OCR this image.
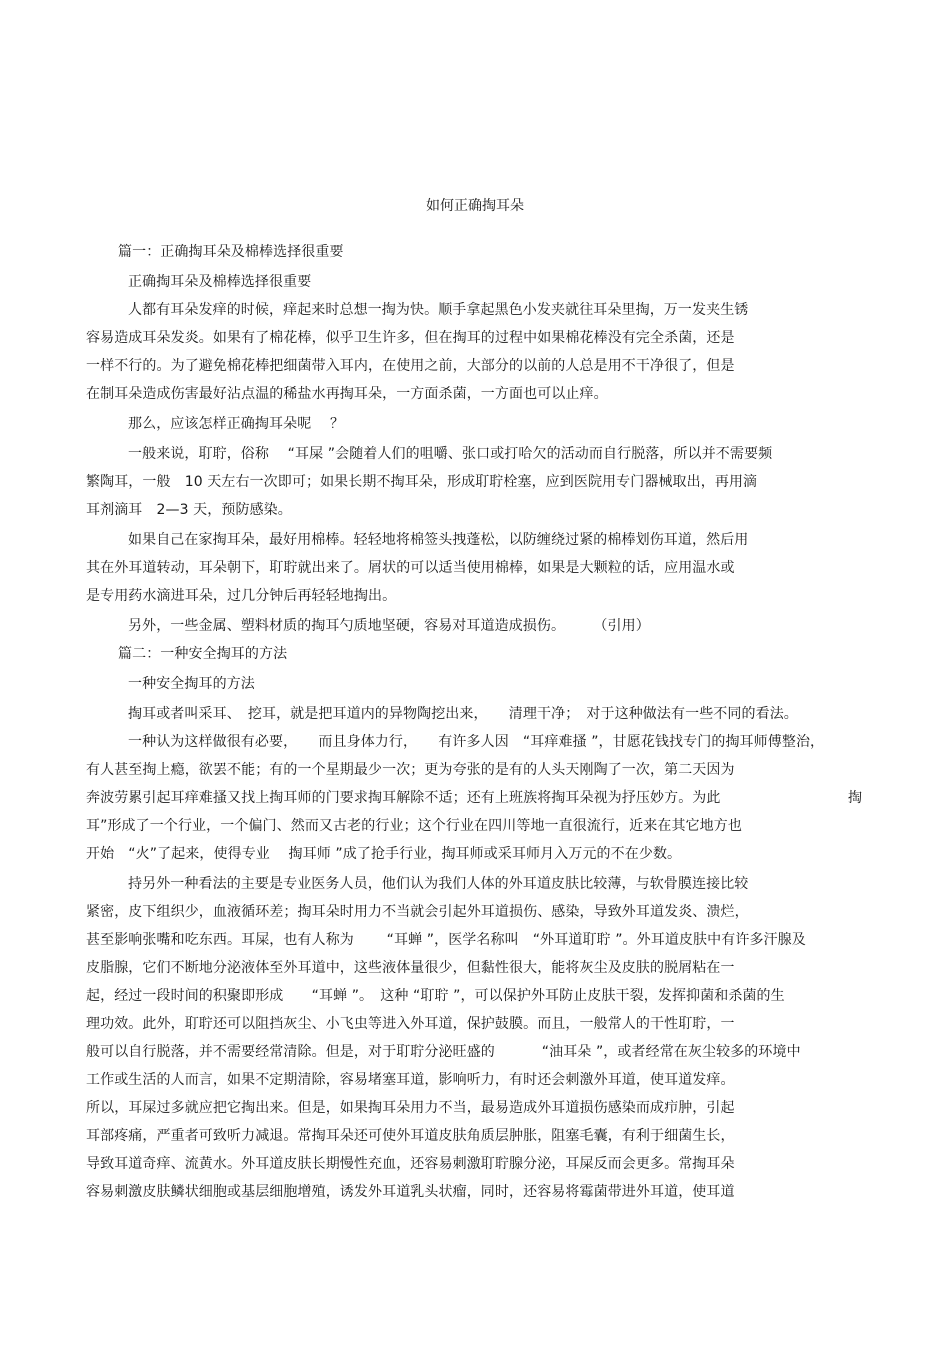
如何正确掏耳朵
篇一：正确掏耳朵及棉棒选择很重要
正确掏耳朵及棉棒选择很重要
人都有耳朵发痒的时候，痒起来时总想一掏为快。顺手拿起黑色小发夹就往耳朵里掏，万一发夹生锈
容易造成耳朵发炎。如果有了棉花棒，似乎卫生许多，但在掏耳的过程中如果棉花棒没有完全杀菌，还是
一样不行的。为了避免棉花棒把细菌带入耳内，在使用之前，大部分的以前的人总是用不干净很了，但是
在制耳朵造成伤害最好沾点温的稀盐水再掏耳朵，一方面杀菌，一方面也可以止痒。
那么，应该怎样正确掏耳朵呢　 ？
一般来说，耵聍，俗称　 “耳屎 ”会随着人们的咀嚼、张口或打哈欠的活动而自行脱落，所以并不需要频
繁陶耳，一般　10 天左右一次即可；如果长期不掏耳朵，形成耵聍栓塞，应到医院用专门器械取出，再用滴
耳剂滴耳　2—3 天，预防感染。
如果自己在家掏耳朵，最好用棉棒。轻轻地将棉签头拽蓬松，以防缠绕过紧的棉棒划伤耳道，然后用
其在外耳道转动，耳朵朝下，耵聍就出来了。屑状的可以适当使用棉棒，如果是大颗粒的话，应用温水或
是专用药水滴进耳朵，过几分钟后再轻轻地掏出。
另外，一些金属、塑料材质的掏耳勺质地坚硬，容易对耳道造成损伤。　　　（引用）
篇二：一种安全掏耳的方法
一种安全掏耳的方法
掏耳或者叫采耳、　挖耳，就是把耳道内的异物陶挖出来，　　清理干净；　对于这种做法有一些不同的看法。
一种认为这样做很有必要，　　而且身体力行，　　有许多人因　“耳痒难搔 ”，甘愿花钱找专门的掏耳师傅整治，
有人甚至掏上瘾，欲罢不能；有的一个星期最少一次；更为夸张的是有的人头天刚陶了一次，第二天因为
奔波劳累引起耳痒难搔又找上掏耳师的门要求掏耳解除不适；还有上班族将掏耳朵视为抒压妙方。为此	掏
耳”形成了一个行业，一个偏门、然而又古老的行业；这个行业在四川等地一直很流行，近来在其它地方也
开始　“火”了起来，使得专业　 掏耳师 ”成了抢手行业，掏耳师或采耳师月入万元的不在少数。
持另外一种看法的主要是专业医务人员，他们认为我们人体的外耳道皮肤比较薄，与软骨膜连接比较
紧密，皮下组织少，血液循环差；掏耳朵时用力不当就会引起外耳道损伤、感染，导致外耳道发炎、溃烂，
甚至影响张嘴和吃东西。耳屎，也有人称为　　 “耳蝉 ”，医学名称叫　“外耳道耵聍 ”。外耳道皮肤中有许多汗腺及
皮脂腺，它们不断地分泌液体至外耳道中，这些液体量很少，但黏性很大，能将灰尘及皮肤的脱屑粘在一
起，经过一段时间的积聚即形成　　“耳蝉 ”。　这种 “耵聍 ”，可以保护外耳防止皮肤干裂，发挥抑菌和杀菌的生
理功效。此外，耵聍还可以阻挡灰尘、小飞虫等进入外耳道，保护鼓膜。而且，一般常人的干性耵聍，一
般可以自行脱落，并不需要经常清除。但是，对于耵聍分泌旺盛的　　　 “油耳朵 ”，或者经常在灰尘较多的环境中
工作或生活的人而言，如果不定期清除，容易堵塞耳道，影响听力，有时还会刺激外耳道，使耳道发痒。
所以，耳屎过多就应把它掏出来。但是，如果掏耳朵用力不当，最易造成外耳道损伤感染而成疖肿，引起
耳部疼痛，严重者可致听力减退。常掏耳朵还可使外耳道皮肤角质层肿胀，阻塞毛囊，有利于细菌生长，
导致耳道奇痒、流黄水。外耳道皮肤长期慢性充血，还容易刺激耵聍腺分泌，耳屎反而会更多。常掏耳朵
容易刺激皮肤鳞状细胞或基层细胞增殖，诱发外耳道乳头状瘤，同时，还容易将霉菌带进外耳道，使耳道
